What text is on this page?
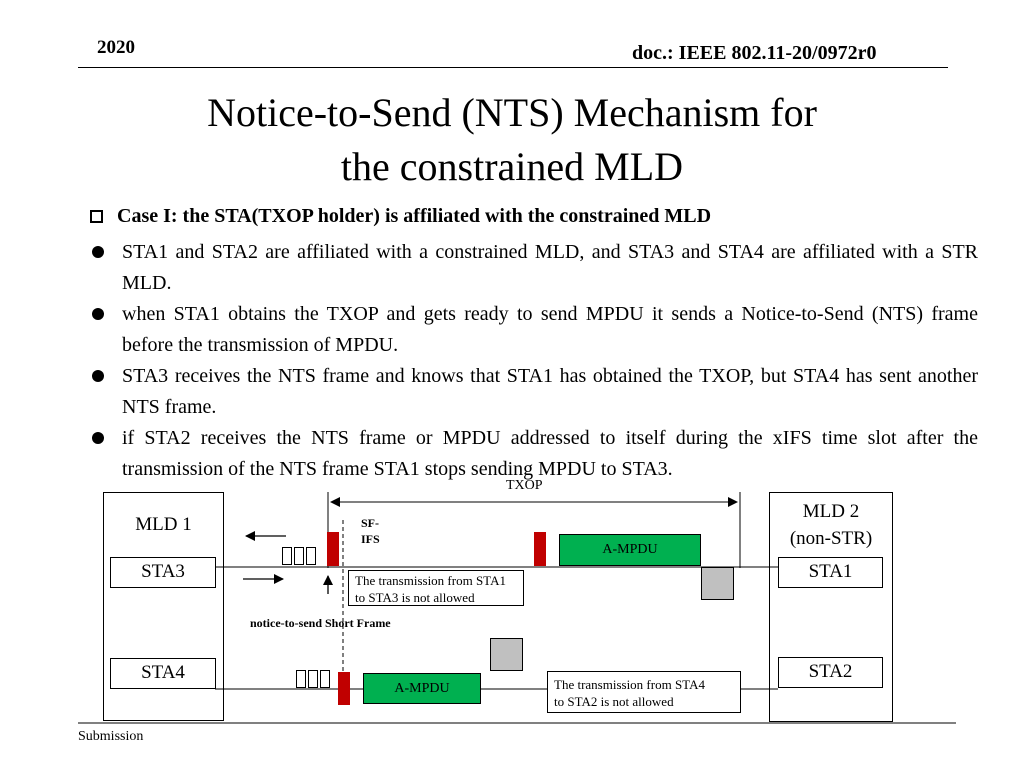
2020	doc.: IEEE 802.11-20/0972r0
Notice-to-Send (NTS) Mechanism for
the constrained MLD
Case I: the STA(TXOP holder) is affiliated with the constrained MLD
STA1 and STA2 are affiliated with a constrained MLD, and STA3 and STA4 are affiliated with a STR MLD.
when STA1 obtains the TXOP and gets ready to send MPDU it sends a Notice-to-Send (NTS) frame before the transmission of MPDU.
STA3 receives the NTS frame and knows that STA1 has obtained the TXOP, but STA4 has sent another NTS frame.
if STA2 receives the NTS frame or MPDU addressed to itself during the xIFS time slot after the transmission of the NTS frame STA1 stops sending MPDU to STA3.
TXOP
MLD 1
STA3
STA4
MLD 2
(non-STR)
STA1
STA2
SF-
IFS
A-MPDU
The transmission from STA1
to STA3 is not allowed
notice-to-send Short Frame
A-MPDU	The transmission from STA4
to STA2 is not allowed
Submission
